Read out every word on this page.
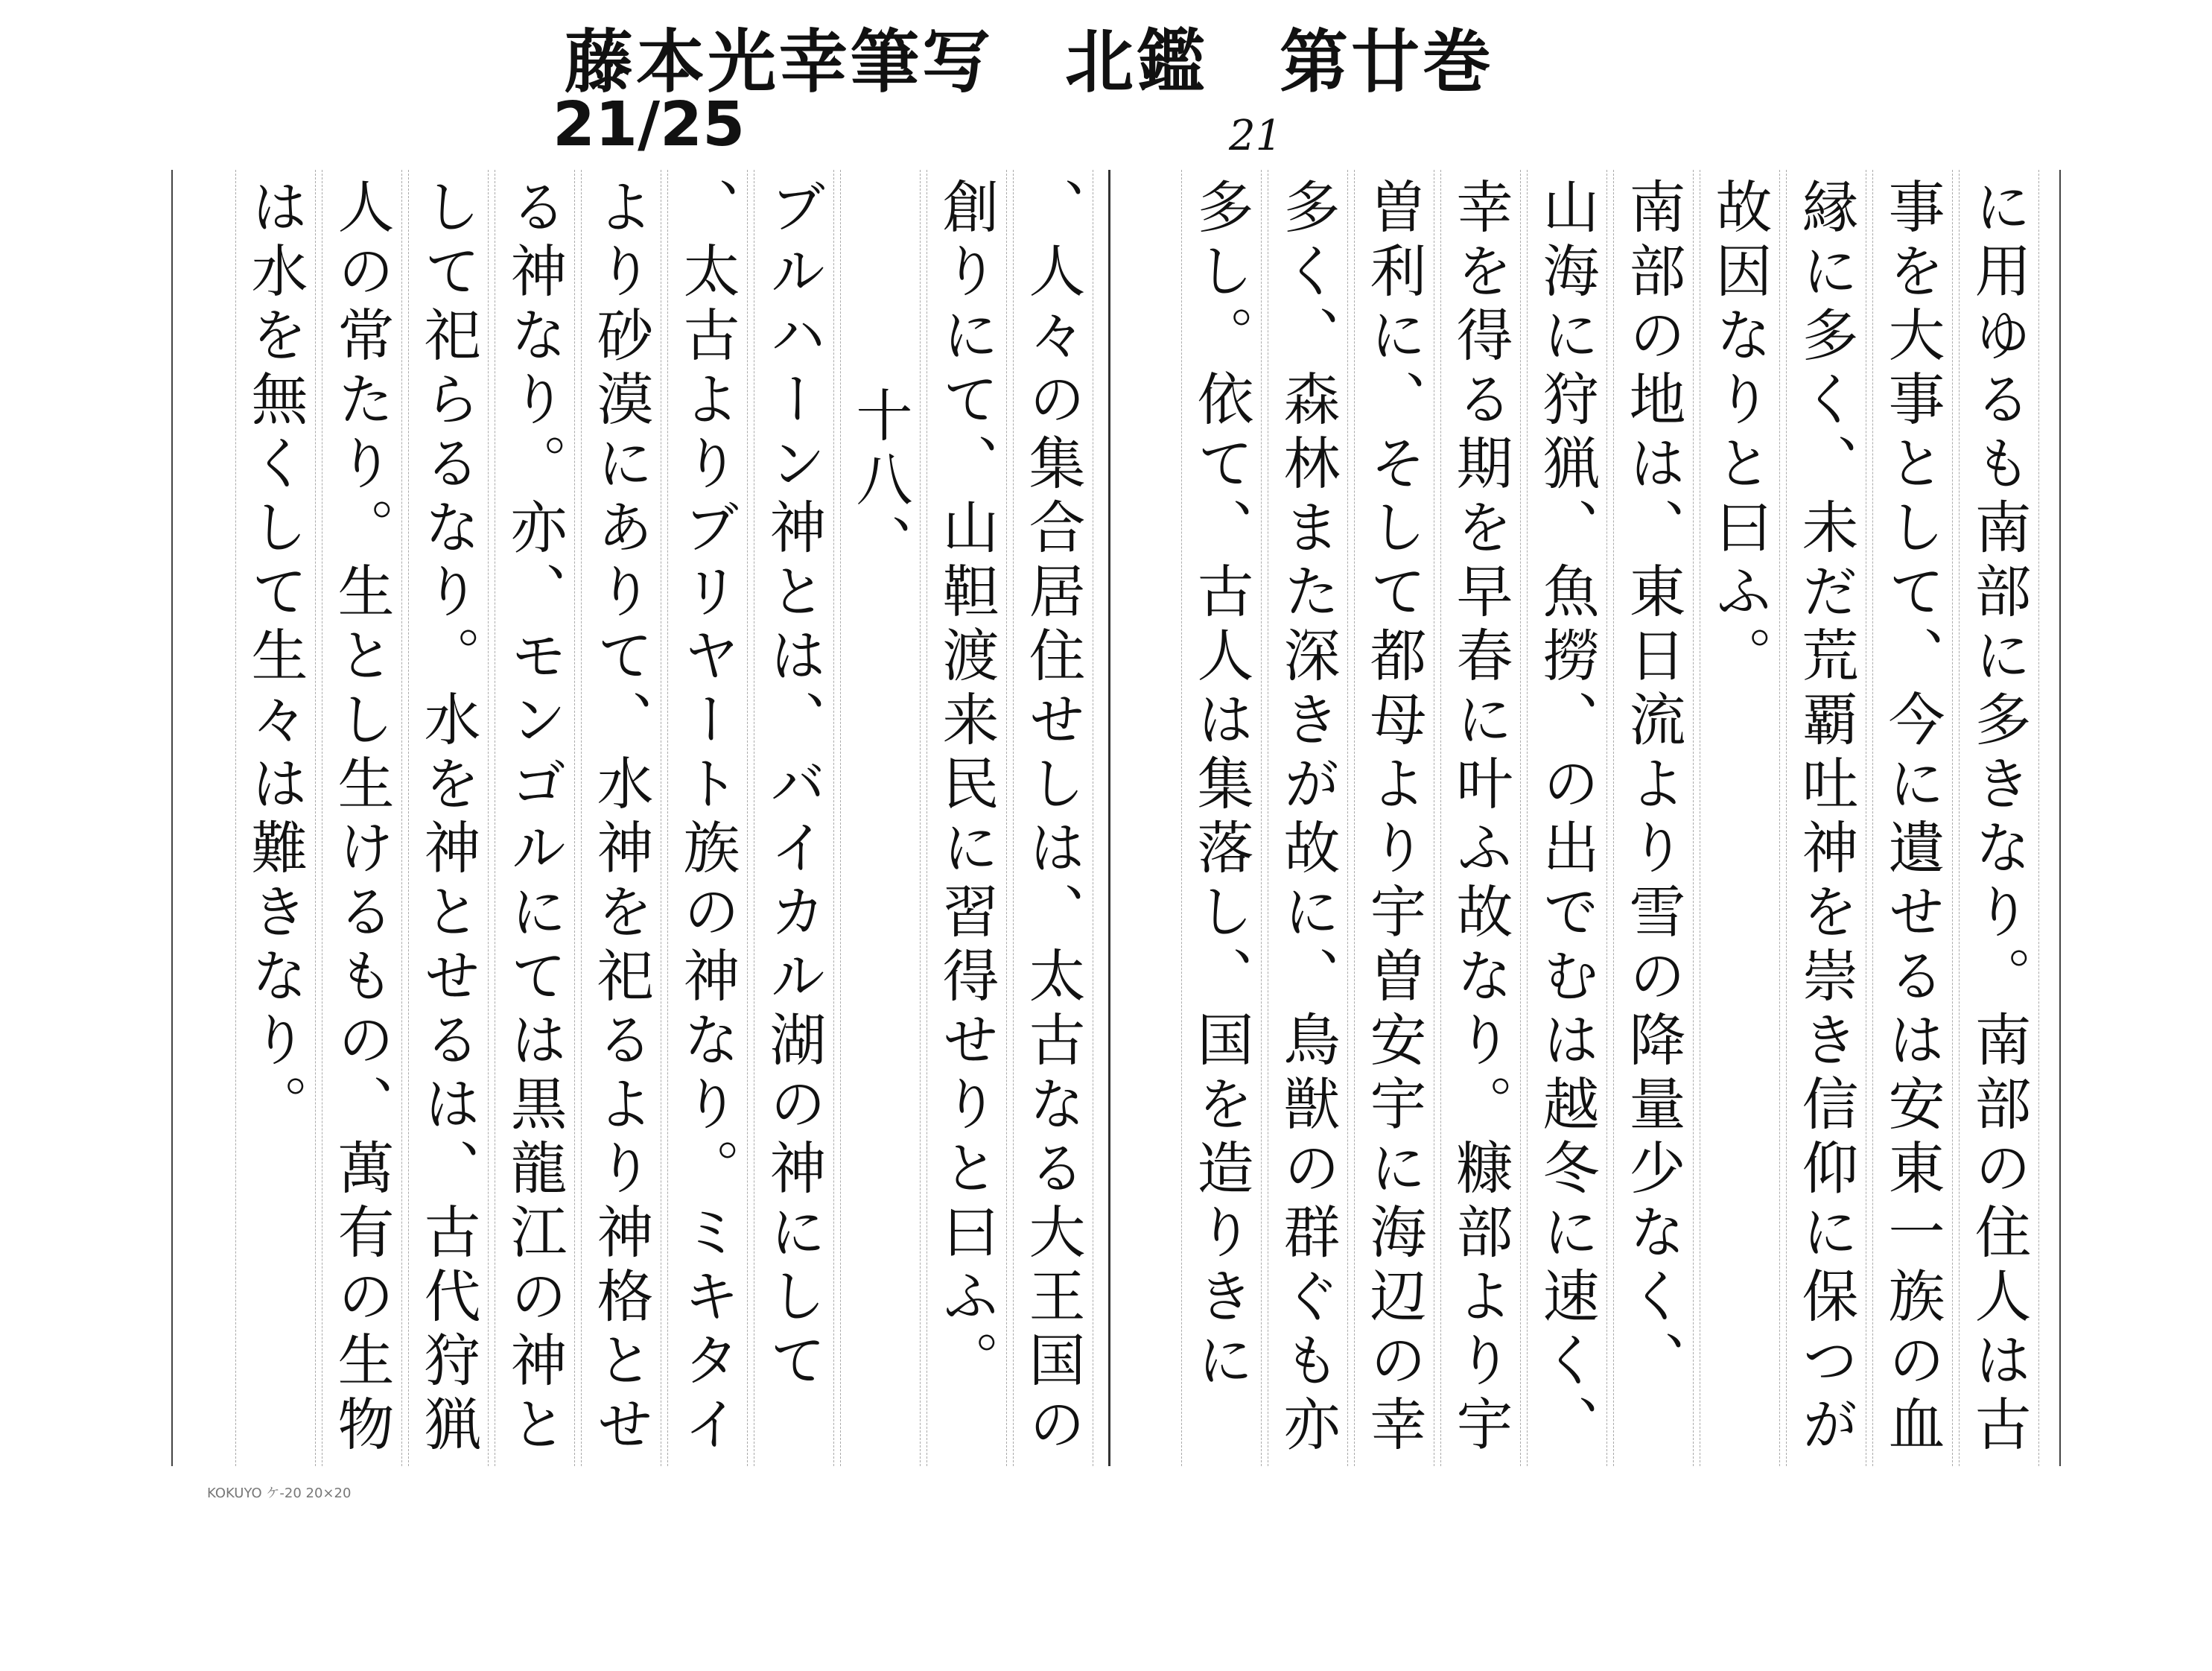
藤本光幸筆写　北鑑　第廿巻
21/25	21
に用ゆるも南部に多きなり。南部の住人は古
事を大事として、今に遺せるは安東一族の血
縁に多く、未だ荒覇吐神を崇き信仰に保つが
故因なりと曰ふ。
南部の地は、東日流より雪の降量少なく、
山海に狩猟、魚撈、の出でむは越冬に速く、
幸を得る期を早春に叶ふ故なり。糠部より宇
曽利に、そして都母より宇曽安宇に海辺の幸
多く、森林また深きが故に、鳥獣の群ぐも亦
多し。依て、古人は集落し、国を造りきに
、人々の集合居住せしは、太古なる大王国の
創りにて、山靼渡来民に習得せりと曰ふ。
十八、
ブルハーン神とは、バイカル湖の神にして
、太古よりブリヤート族の神なり。ミキタイ
より砂漠にありて、水神を祀るより神格とせ
る神なり。亦、モンゴルにては黒龍江の神と
して祀らるなり。水を神とせるは、古代狩猟
人の常たり。生とし生けるもの、萬有の生物
は水を無くして生々は難きなり。
KOKUYO ケ-20 20×20
